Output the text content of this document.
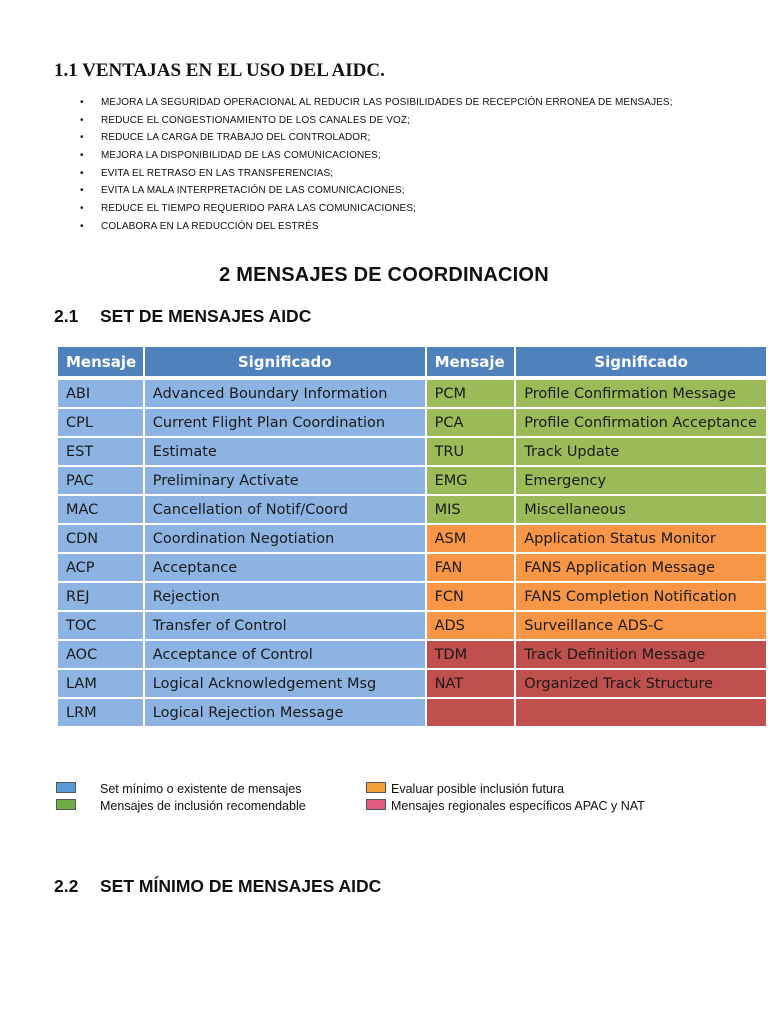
1.1 VENTAJAS EN EL USO DEL AIDC.
• MEJORA LA SEGURIDAD OPERACIONAL AL REDUCIR LAS POSIBILIDADES DE RECEPCIÓN ERRONEA DE MENSAJES;
• REDUCE EL CONGESTIONAMIENTO DE LOS CANALES DE VOZ;
• REDUCE LA CARGA DE TRABAJO DEL CONTROLADOR;
• MEJORA LA DISPONIBILIDAD DE LAS COMUNICACIONES;
• EVITA EL RETRASO EN LAS TRANSFERENCIAS;
• EVITA LA MALA INTERPRETACIÓN DE LAS COMUNICACIONES;
• REDUCE EL TIEMPO REQUERIDO PARA LAS COMUNICACIONES;
• COLABORA EN LA REDUCCIÓN DEL ESTRÉS
2 MENSAJES DE COORDINACION
2.1 SET DE MENSAJES AIDC
Mensaje	Significado	Mensaje	Significado
ABI	Advanced Boundary Information	PCM	Profile Confirmation Message
CPL	Current Flight Plan Coordination	PCA	Profile Confirmation Acceptance
EST	Estimate	TRU	Track Update
PAC	Preliminary Activate	EMG	Emergency
MAC	Cancellation of Notif/Coord	MIS	Miscellaneous
CDN	Coordination Negotiation	ASM	Application Status Monitor
ACP	Acceptance	FAN	FANS Application Message
REJ	Rejection	FCN	FANS Completion Notification
TOC	Transfer of Control	ADS	Surveillance ADS-C
AOC	Acceptance of Control	TDM	Track Definition Message
LAM	Logical Acknowledgement Msg	NAT	Organized Track Structure
LRM	Logical Rejection Message		
Set mínimo o existente de mensajes
Mensajes de inclusión recomendable
Evaluar posible inclusión futura
Mensajes regionales específicos APAC y NAT
2.2 SET MÍNIMO DE MENSAJES AIDC
